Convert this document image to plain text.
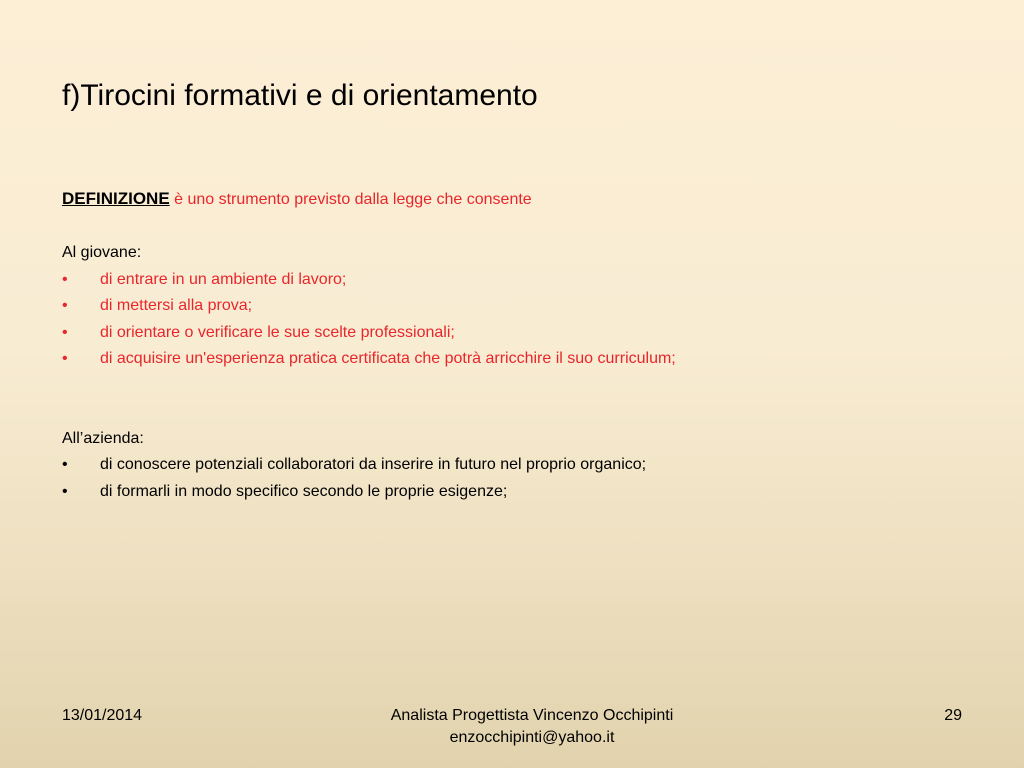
f)Tirocini formativi e di orientamento

DEFINIZIONE è uno strumento previsto dalla legge che consente

Al giovane:

• di entrare in un ambiente di lavoro;
• di mettersi alla prova;
• di orientare o verificare le sue scelte professionali;
• di acquisire un'esperienza pratica certificata che potrà arricchire il suo curriculum;

All’azienda:

• di conoscere potenziali collaboratori da inserire in futuro nel proprio organico;
• di formarli in modo specifico secondo le proprie esigenze;
13/01/2014	Analista Progettista Vincenzo Occhipinti
enzocchipinti@yahoo.it
29
